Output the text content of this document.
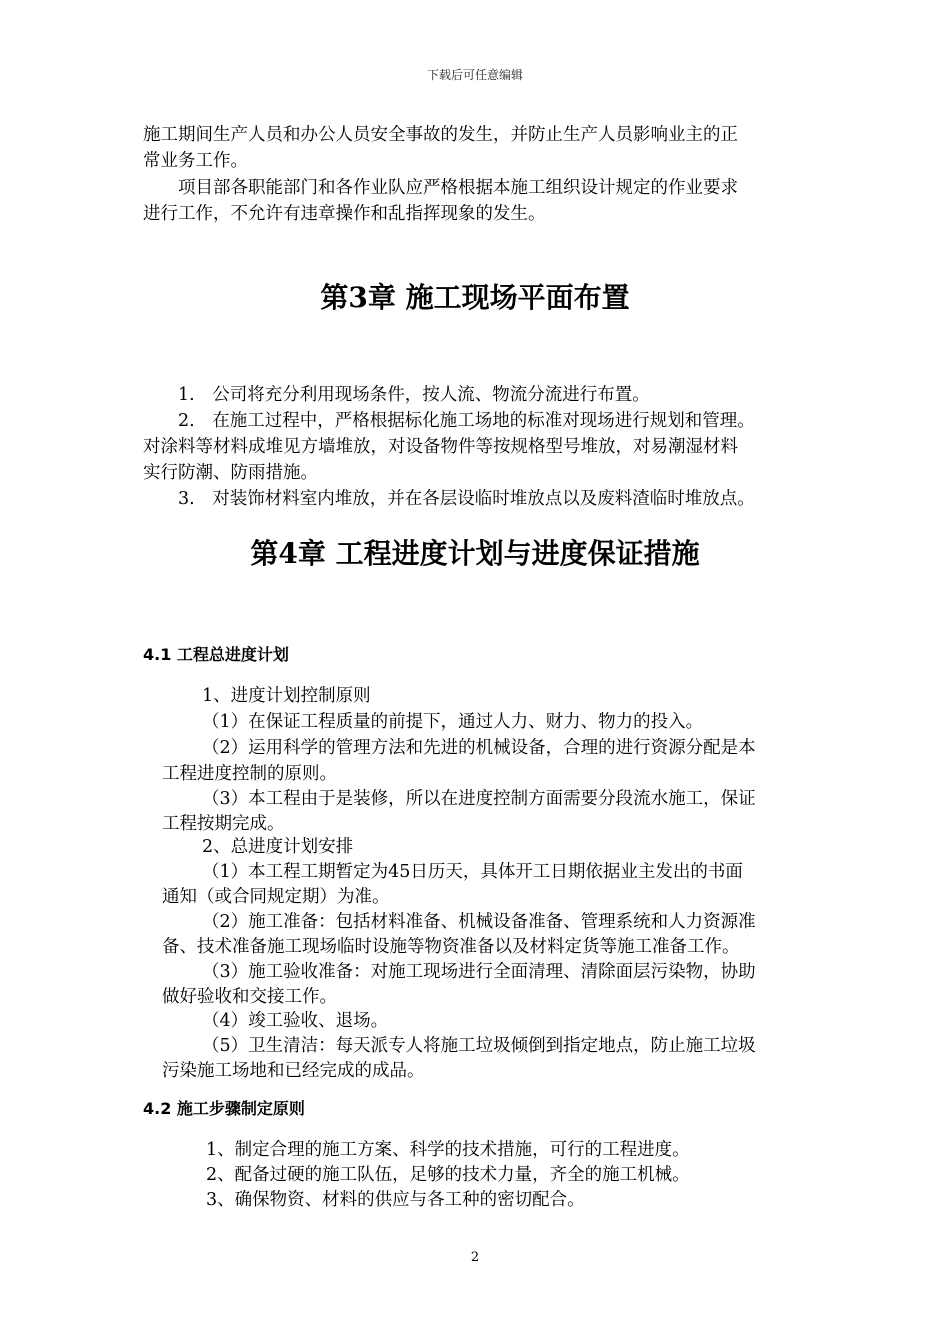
下载后可任意编辑
施工期间生产人员和办公人员安全事故的发生，并防止生产人员影响业主的正
常业务工作。
项目部各职能部门和各作业队应严格根据本施工组织设计规定的作业要求
进行工作，不允许有违章操作和乱指挥现象的发生。
第3章 施工现场平面布置
1.　公司将充分利用现场条件，按人流、物流分流进行布置。
2.　在施工过程中，严格根据标化施工场地的标准对现场进行规划和管理。
对涂料等材料成堆见方墙堆放，对设备物件等按规格型号堆放，对易潮湿材料
实行防潮、防雨措施。
3.　对装饰材料室内堆放，并在各层设临时堆放点以及废料渣临时堆放点。
第4章 工程进度计划与进度保证措施
4.1 工程总进度计划
1、进度计划控制原则
（1）在保证工程质量的前提下，通过人力、财力、物力的投入。
（2）运用科学的管理方法和先进的机械设备，合理的进行资源分配是本
工程进度控制的原则。
（3）本工程由于是装修，所以在进度控制方面需要分段流水施工，保证
工程按期完成。
2、总进度计划安排
（1）本工程工期暂定为45日历天，具体开工日期依据业主发出的书面
通知（或合同规定期）为准。
（2）施工准备：包括材料准备、机械设备准备、管理系统和人力资源准
备、技术准备施工现场临时设施等物资准备以及材料定货等施工准备工作。
（3）施工验收准备：对施工现场进行全面清理、清除面层污染物，协助
做好验收和交接工作。
（4）竣工验收、退场。
（5）卫生清洁：每天派专人将施工垃圾倾倒到指定地点，防止施工垃圾
污染施工场地和已经完成的成品。
4.2 施工步骤制定原则
1、制定合理的施工方案、科学的技术措施，可行的工程进度。
2、配备过硬的施工队伍，足够的技术力量，齐全的施工机械。
3、确保物资、材料的供应与各工种的密切配合。
2
